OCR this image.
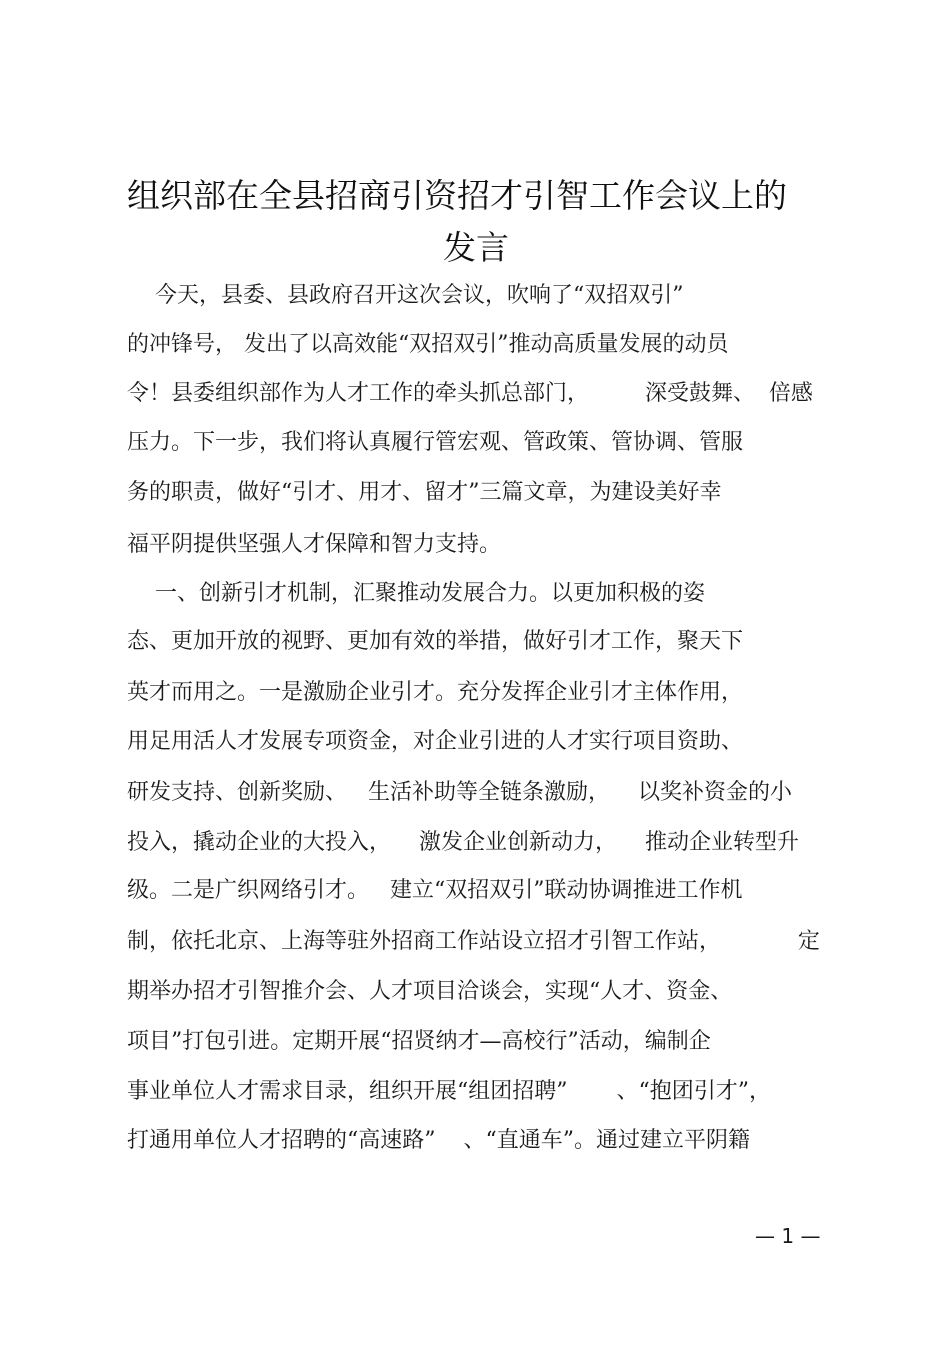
组织部在全县招商引资招才引智工作会议上的
发言
今天，县委、县政府召开这次会议，吹响了“双招双引”
的冲锋号， 发出了以高效能“双招双引”推动高质量发展的动员
令！县委组织部作为人才工作的牵头抓总部门，        深受鼓舞、  倍感
压力。下一步，我们将认真履行管宏观、管政策、管协调、管服
务的职责，做好“引才、用才、留才”三篇文章，为建设美好幸
福平阴提供坚强人才保障和智力支持。
一、创新引才机制，汇聚推动发展合力。以更加积极的姿
态、更加开放的视野、更加有效的举措，做好引才工作，聚天下
英才而用之。一是激励企业引才。充分发挥企业引才主体作用，
用足用活人才发展专项资金，对企业引进的人才实行项目资助、
研发支持、创新奖励、   生活补助等全链条激励，    以奖补资金的小
投入，撬动企业的大投入，    激发企业创新动力，    推动企业转型升
级。二是广织网络引才。   建立“双招双引”联动协调推进工作机
制，依托北京、上海等驻外招商工作站设立招才引智工作站，           定
期举办招才引智推介会、人才项目洽谈会，实现“人才、资金、
项目”打包引进。定期开展“招贤纳才—高校行”活动，编制企
事业单位人才需求目录，组织开展“组团招聘”       、“抱团引才”，
打通用单位人才招聘的“高速路”    、“直通车”。通过建立平阴籍
— 1 —
